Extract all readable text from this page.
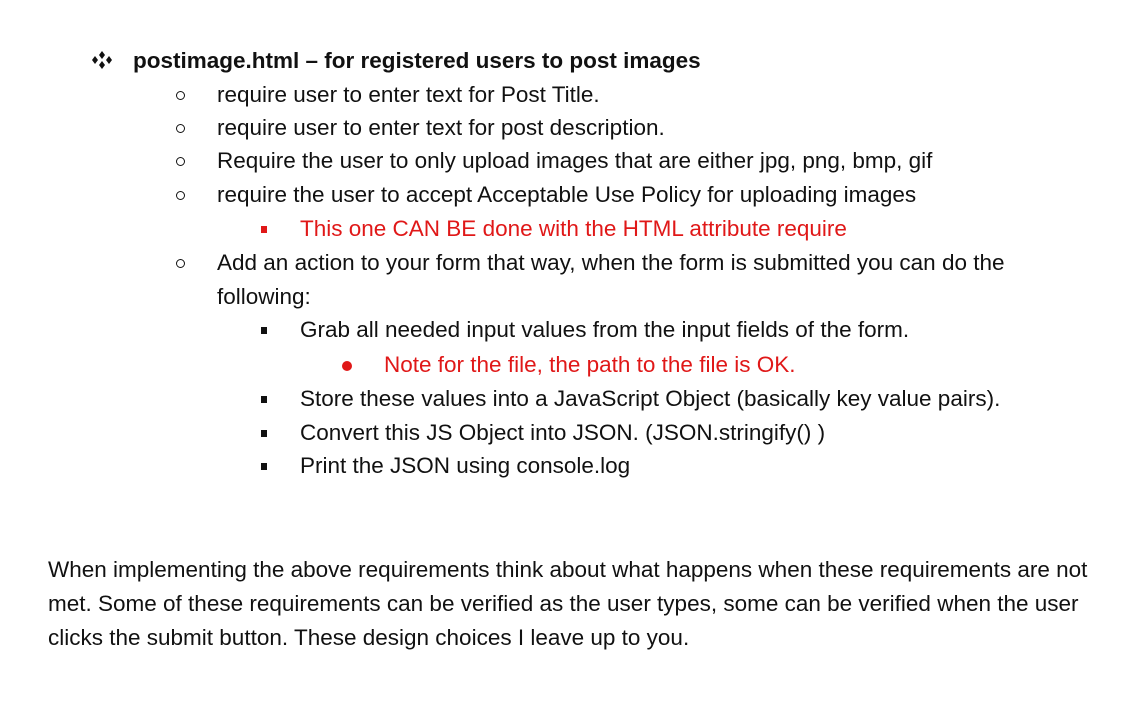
postimage.html – for registered users to post images
require user to enter text for Post Title.
require user to enter text for post description.
Require the user to only upload images that are either jpg, png, bmp, gif
require the user to accept Acceptable Use Policy for uploading images
This one CAN BE done with the HTML attribute require
Add an action to your form that way, when the form is submitted you can do the
following:
Grab all needed input values from the input fields of the form.
Note for the file, the path to the file is OK.
Store these values into a JavaScript Object (basically key value pairs).
Convert this JS Object into JSON. (JSON.stringify() )
Print the JSON using console.log
When implementing the above requirements think about what happens when these requirements are not met. Some of these requirements can be verified as the user types, some can be verified when the user clicks the submit button. These design choices I leave up to you.
